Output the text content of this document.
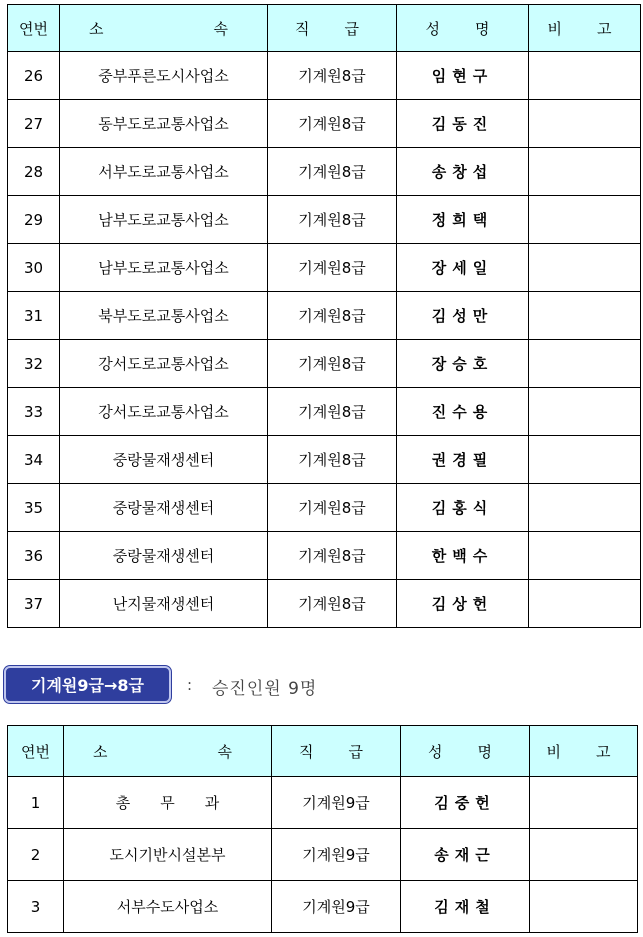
연번	소　　　　속	직　급	성　명	비　고
26	중부푸른도시사업소	기계원8급	임현구	
27	동부도로교통사업소	기계원8급	김동진	
28	서부도로교통사업소	기계원8급	송창섭	
29	남부도로교통사업소	기계원8급	정희택	
30	남부도로교통사업소	기계원8급	장세일	
31	북부도로교통사업소	기계원8급	김성만	
32	강서도로교통사업소	기계원8급	장승호	
33	강서도로교통사업소	기계원8급	진수용	
34	중랑물재생센터	기계원8급	권경필	
35	중랑물재생센터	기계원8급	김홍식	
36	중랑물재생센터	기계원8급	한백수	
37	난지물재생센터	기계원8급	김상헌	
기계원9급→8급	: 승진인원 9명
연번	소　　　　속	직　급	성　명	비　고
1	총　　무　　과	기계원9급	김중헌	
2	도시기반시설본부	기계원9급	송재근	
3	서부수도사업소	기계원9급	김재철	
